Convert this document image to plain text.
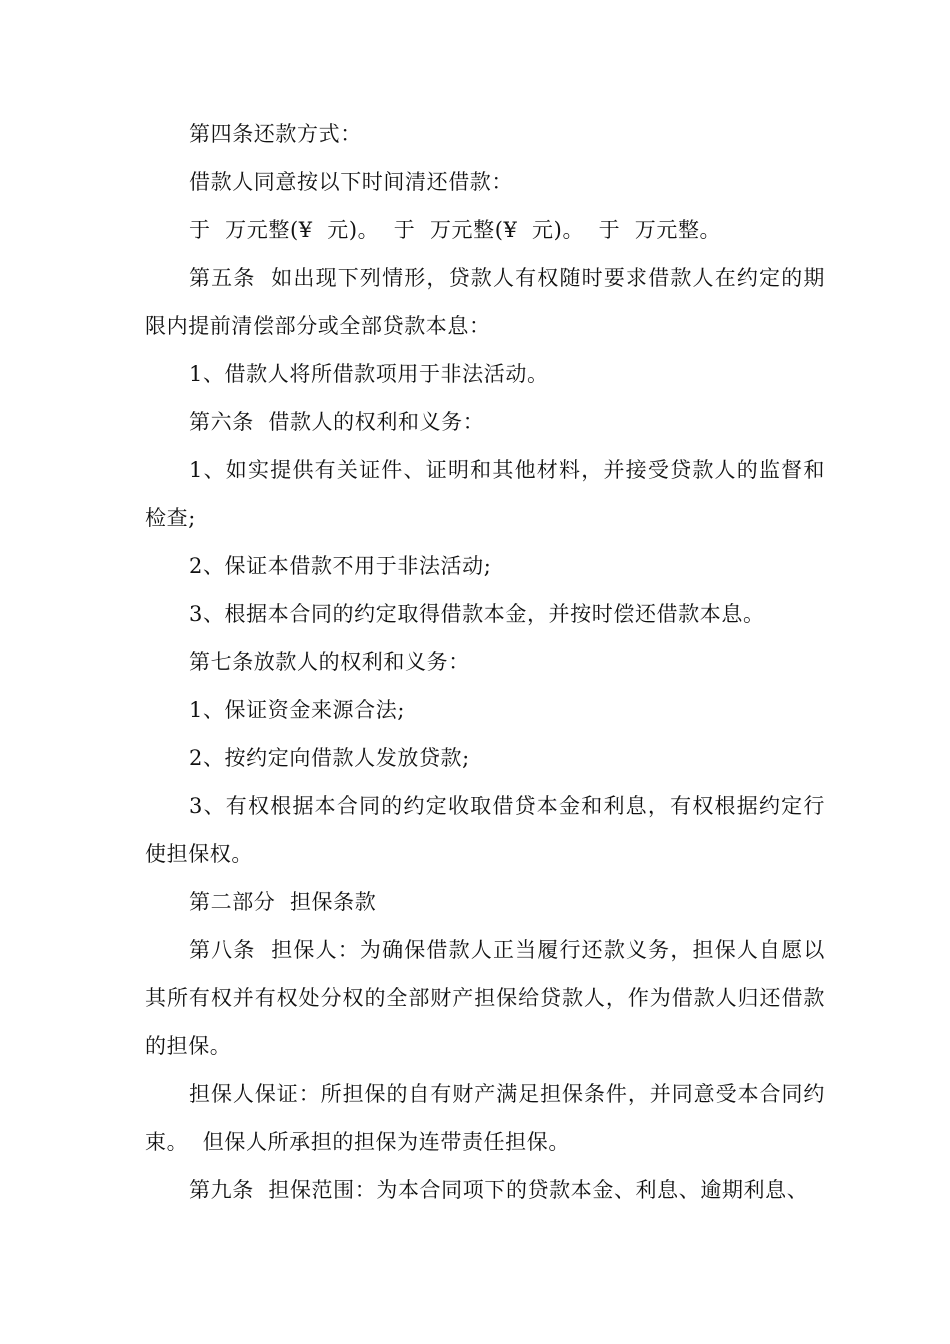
第四条还款方式：

借款人同意按以下时间清还借款：

于  万元整(¥  元)。  于  万元整(¥  元)。  于  万元整。

第五条  如出现下列情形，贷款人有权随时要求借款人在约定的期限内提前清偿部分或全部贷款本息：

1、借款人将所借款项用于非法活动。

第六条  借款人的权利和义务：

1、如实提供有关证件、证明和其他材料，并接受贷款人的监督和检查;

2、保证本借款不用于非法活动;

3、根据本合同的约定取得借款本金，并按时偿还借款本息。

第七条放款人的权利和义务：

1、保证资金来源合法;

2、按约定向借款人发放贷款;

3、有权根据本合同的约定收取借贷本金和利息，有权根据约定行使担保权。

第二部分  担保条款

第八条  担保人：为确保借款人正当履行还款义务，担保人自愿以其所有权并有权处分权的全部财产担保给贷款人，作为借款人归还借款的担保。

担保人保证：所担保的自有财产满足担保条件，并同意受本合同约束。  但保人所承担的担保为连带责任担保。

第九条  担保范围：为本合同项下的贷款本金、利息、逾期利息、
